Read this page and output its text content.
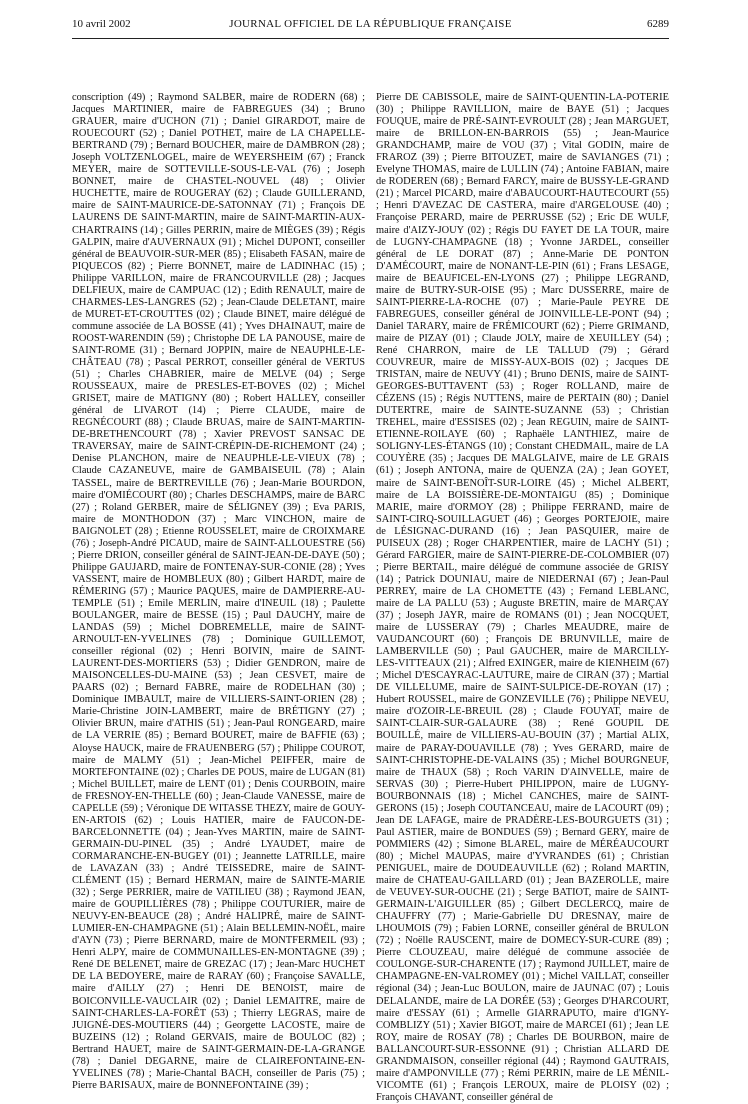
10 avril 2002	JOURNAL OFFICIEL DE LA RÉPUBLIQUE FRANÇAISE	6289

conscription (49) ; Raymond SALBER, maire de RODERN (68) ; Jacques MARTINIER, maire de FABREGUES (34) ; Bruno GRAUER, maire d'UCHON (71) ; Daniel GIRARDOT, maire de ROUECOURT (52) ; Daniel POTHET, maire de LA CHAPELLE-BERTRAND (79) ; Bernard BOUCHER, maire de DAMBRON (28) ; Joseph VOLTZENLOGEL, maire de WEYERSHEIM (67) ; Franck MEYER, maire de SOTTEVILLE-SOUS-LE-VAL (76) ; Joseph BONNET, maire de CHASTEL-NOUVEL (48) ; Olivier HUCHETTE, maire de ROUGERAY (62) ; Claude GUILLERAND, maire de SAINT-MAURICE-DE-SATONNAY (71) ; François DE LAURENS DE SAINT-MARTIN, maire de SAINT-MARTIN-AUX-CHARTRAINS (14) ; Gilles PERRIN, maire de MIÈGES (39) ; Régis GALPIN, maire d'AUVERNAUX (91) ; Michel DUPONT, conseiller général de BEAUVOIR-SUR-MER (85) ; Elisabeth FASAN, maire de PIQUECOS (82) ; Pierre BONNET, maire de LADINHAC (15) ; Philippe VARILLON, maire de FRANCOURVILLE (28) ; Jacques DELFIEUX, maire de CAMPUAC (12) ; Edith RENAULT, maire de CHARMES-LES-LANGRES (52) ; Jean-Claude DELETANT, maire de MURET-ET-CROUTTES (02) ; Claude BINET, maire délégué de commune associée de LA BOSSE (41) ; Yves DHAINAUT, maire de ROOST-WARENDIN (59) ; Christophe DE LA PANOUSE, maire de SAINT-ROME (31) ; Bernard JOPPIN, maire de NEAUPHLE-LE-CHÂTEAU (78) ; Pascal PERROT, conseiller général de VERTUS (51) ; Charles CHABRIER, maire de MELVE (04) ; Serge ROUSSEAUX, maire de PRESLES-ET-BOVES (02) ; Michel GRISET, maire de MATIGNY (80) ; Robert HALLEY, conseiller général de LIVAROT (14) ; Pierre CLAUDE, maire de REGNÉCOURT (88) ; Claude BRUAS, maire de SAINT-MARTIN-DE-BRETHENCOURT (78) ; Xavier PREVOST SANSAC DE TRAVERSAY, maire de SAINT-CRÉPIN-DE-RICHEMONT (24) ; Denise PLANCHON, maire de NEAUPHLE-LE-VIEUX (78) ; Claude CAZANEUVE, maire de GAMBAISEUIL (78) ; Alain TASSEL, maire de BERTREVILLE (76) ; Jean-Marie BOURDON, maire d'OMIÉCOURT (80) ; Charles DESCHAMPS, maire de BARC (27) ; Roland GERBER, maire de SÉLIGNEY (39) ; Eva PARIS, maire de MONTHODON (37) ; Marc VINCHON, maire de BAIGNOLET (28) ; Etienne ROUSSELET, maire de CROIXMARE (76) ; Joseph-André PICAUD, maire de SAINT-ALLOUESTRE (56) ; Pierre DRION, conseiller général de SAINT-JEAN-DE-DAYE (50) ; Philippe GAUJARD, maire de FONTENAY-SUR-CONIE (28) ; Yves VASSENT, maire de HOMBLEUX (80) ; Gilbert HARDT, maire de RÉMERING (57) ; Maurice PAQUES, maire de DAMPIERRE-AU-TEMPLE (51) ; Emile MERLIN, maire d'INEUIL (18) ; Paulette BOULANGER, maire de BESSE (15) ; Paul DAUCHY, maire de LANDAS (59) ; Michel DOBREMELLE, maire de SAINT-ARNOULT-EN-YVELINES (78) ; Dominique GUILLEMOT, conseiller régional (02) ; Henri BOIVIN, maire de SAINT-LAURENT-DES-MORTIERS (53) ; Didier GENDRON, maire de MAISONCELLES-DU-MAINE (53) ; Jean CESVET, maire de PAARS (02) ; Bernard FABRE, maire de RODELHAN (30) ; Dominique IMBAULT, maire de VILLIERS-SAINT-ORIEN (28) ; Marie-Christine JOIN-LAMBERT, maire de BRÉTIGNY (27) ; Olivier BRUN, maire d'ATHIS (51) ; Jean-Paul RONGEARD, maire de LA VERRIE (85) ; Bernard BOURET, maire de BAFFIE (63) ; Aloyse HAUCK, maire de FRAUENBERG (57) ; Philippe COUROT, maire de MALMY (51) ; Jean-Michel PEIFFER, maire de MORTEFONTAINE (02) ; Charles DE POUS, maire de LUGAN (81) ; Michel BUILLET, maire de LENT (01) ; Denis COURBOIN, maire de FRESNOY-EN-THELLE (60) ; Jean-Claude VANESSE, maire de CAPELLE (59) ; Véronique DE WITASSE THEZY, maire de GOUY-EN-ARTOIS (62) ; Louis HATIER, maire de FAUCON-DE-BARCELONNETTE (04) ; Jean-Yves MARTIN, maire de SAINT-GERMAIN-DU-PINEL (35) ; André LYAUDET, maire de CORMARANCHE-EN-BUGEY (01) ; Jeannette LATRILLE, maire de LAVAZAN (33) ; André TEISSEDRE, maire de SAINT-CLÉMENT (15) ; Bernard HERMAN, maire de SAINTE-MARIE (32) ; Serge PERRIER, maire de VATILIEU (38) ; Raymond JEAN, maire de GOUPILLIÈRES (78) ; Philippe COUTURIER, maire de NEUVY-EN-BEAUCE (28) ; André HALIPRÉ, maire de SAINT-LUMIER-EN-CHAMPAGNE (51) ; Alain BELLEMIN-NOËL, maire d'AYN (73) ; Pierre BERNARD, maire de MONTFERMEIL (93) ; Henri ALPY, maire de COMMUNAILLES-EN-MONTAGNE (39) ; René DE BELENET, maire de GREZAC (17) ; Jean-Marc HUCHET DE LA BEDOYERE, maire de RARAY (60) ; Françoise SAVALLE, maire d'AILLY (27) ; Henri DE BENOIST, maire de BOICONVILLE-VAUCLAIR (02) ; Daniel LEMAITRE, maire de SAINT-CHARLES-LA-FORÊT (53) ; Thierry LEGRAS, maire de JUIGNÉ-DES-MOUTIERS (44) ; Georgette LACOSTE, maire de BUZEINS (12) ; Roland GERVAIS, maire de BOULOC (82) ; Bertrand HAUET, maire de SAINT-GERMAIN-DE-LA-GRANGE (78) ; Daniel DEGARNE, maire de CLAIREFONTAINE-EN-YVELINES (78) ; Marie-Chantal BACH, conseiller de Paris (75) ; Pierre BARISAUX, maire de BONNEFONTAINE (39) ;

Pierre DE CABISSOLE, maire de SAINT-QUENTIN-LA-POTERIE (30) ; Philippe RAVILLION, maire de BAYE (51) ; Jacques FOUQUE, maire de PRÉ-SAINT-EVROULT (28) ; Jean MARGUET, maire de BRILLON-EN-BARROIS (55) ; Jean-Maurice GRANDCHAMP, maire de VOU (37) ; Vital GODIN, maire de FRAROZ (39) ; Pierre BITOUZET, maire de SAVIANGES (71) ; Evelyne THOMAS, maire de LULLIN (74) ; Antoine FABIAN, maire de RODEREN (68) ; Bernard FARCY, maire de BUSSY-LE-GRAND (21) ; Marcel PICARD, maire d'ABAUCOURT-HAUTECOURT (55) ; Henri D'AVEZAC DE CASTERA, maire d'ARGELOUSE (40) ; Françoise PERARD, maire de PERRUSSE (52) ; Eric DE WULF, maire d'AIZY-JOUY (02) ; Régis DU FAYET DE LA TOUR, maire de LUGNY-CHAMPAGNE (18) ; Yvonne JARDEL, conseiller général de LE DORAT (87) ; Anne-Marie DE PONTON D'AMÉCOURT, maire de NONANT-LE-PIN (61) ; Frans LESAGE, maire de BEAUFICEL-EN-LYONS (27) ; Philippe LEGRAND, maire de BUTRY-SUR-OISE (95) ; Marc DUSSERRE, maire de SAINT-PIERRE-LA-ROCHE (07) ; Marie-Paule PEYRE DE FABREGUES, conseiller général de JOINVILLE-LE-PONT (94) ; Daniel TARARY, maire de FRÉMICOURT (62) ; Pierre GRIMAND, maire de PIZAY (01) ; Claude JOLY, maire de XEUILLEY (54) ; René CHARRON, maire de LE TALLUD (79) ; Gérard COUVREUR, maire de MISSY-AUX-BOIS (02) ; Jacques DE TRISTAN, maire de NEUVY (41) ; Bruno DENIS, maire de SAINT-GEORGES-BUTTAVENT (53) ; Roger ROLLAND, maire de CÉZENS (15) ; Régis NUTTENS, maire de PERTAIN (80) ; Daniel DUTERTRE, maire de SAINTE-SUZANNE (53) ; Christian TREHEL, maire d'ESSISES (02) ; Jean REGUIN, maire de SAINT-ETIENNE-ROILAYE (60) ; Raphaële LANTHIEZ, maire de SOLIGNY-LES-ÉTANGS (10) ; Constant CHEDMAIL, maire de LA COUYÈRE (35) ; Jacques DE MALGLAIVE, maire de LE GRAIS (61) ; Joseph ANTONA, maire de QUENZA (2A) ; Jean GOYET, maire de SAINT-BENOÎT-SUR-LOIRE (45) ; Michel ALBERT, maire de LA BOISSIÈRE-DE-MONTAIGU (85) ; Dominique MARIE, maire d'ORMOY (28) ; Philippe FERRAND, maire de SAINT-CIRQ-SOUILLAGUET (46) ; Georges PORTEJOIE, maire de LÉSIGNAC-DURAND (16) ; Jean PASQUIER, maire de PUISEUX (28) ; Roger CHARPENTIER, maire de LACHY (51) ; Gérard FARGIER, maire de SAINT-PIERRE-DE-COLOMBIER (07) ; Pierre BERTAIL, maire délégué de commune associée de GRISY (14) ; Patrick DOUNIAU, maire de NIEDERNAI (67) ; Jean-Paul PERREY, maire de LA CHOMETTE (43) ; Fernand LEBLANC, maire de LA PALLU (53) ; Auguste BRETIN, maire de MARÇAY (37) ; Joseph JAYR, maire de ROMANS (01) ; Jean NOCQUET, maire de LUSSERAY (79) ; Charles MEAUDRE, maire de VAUDANCOURT (60) ; François DE BRUNVILLE, maire de LAMBERVILLE (50) ; Paul GAUCHER, maire de MARCILLY-LES-VITTEAUX (21) ; Alfred EXINGER, maire de KIENHEIM (67) ; Michel D'ESCAYRAC-LAUTURE, maire de CIRAN (37) ; Martial DE VILLELUME, maire de SAINT-SULPICE-DE-ROYAN (17) ; Hubert ROUSSEL, maire de GONZEVILLE (76) ; Philippe NEVEU, maire d'OZOIR-LE-BREUIL (28) ; Claude FOUYAT, maire de SAINT-CLAIR-SUR-GALAURE (38) ; René GOUPIL DE BOUILLÉ, maire de VILLIERS-AU-BOUIN (37) ; Martial ALIX, maire de PARAY-DOUAVILLE (78) ; Yves GERARD, maire de SAINT-CHRISTOPHE-DE-VALAINS (35) ; Michel BOURGNEUF, maire de THAUX (58) ; Roch VARIN D'AINVELLE, maire de SERVAS (30) ; Pierre-Hubert PHILIPPON, maire de LUGNY-BOURBONNAIS (18) ; Michel CANCHES, maire de SAINT-GERONS (15) ; Joseph COUTANCEAU, maire de LACOURT (09) ; Jean DE LAFAGE, maire de PRADÈRE-LES-BOURGUETS (31) ; Paul ASTIER, maire de BONDUES (59) ; Bernard GERY, maire de POMMIERS (42) ; Simone BLAREL, maire de MÉRÉAUCOURT (80) ; Michel MAUPAS, maire d'YVRANDES (61) ; Christian PENIGUEL, maire de DOUDEAUVILLE (62) ; Roland MARTIN, maire de CHATEAU-GAILLARD (01) ; Jean BAZEROLLE, maire de VEUVEY-SUR-OUCHE (21) ; Serge BATIOT, maire de SAINT-GERMAIN-L'AIGUILLER (85) ; Gilbert DECLERCQ, maire de CHAUFFRY (77) ; Marie-Gabrielle DU DRESNAY, maire de LHOUMOIS (79) ; Fabien LORNE, conseiller général de BRULON (72) ; Noëlle RAUSCENT, maire de DOMECY-SUR-CURE (89) ; Pierre CLOUZEAU, maire délégué de commune associée de COULONGE-SUR-CHARENTE (17) ; Raymond JUILLET, maire de CHAMPAGNE-EN-VALROMEY (01) ; Michel VAILLAT, conseiller régional (34) ; Jean-Luc BOULON, maire de JAUNAC (07) ; Louis DELALANDE, maire de LA DORÉE (53) ; Georges D'HARCOURT, maire d'ESSAY (61) ; Armelle GIARRAPUTO, maire d'IGNY-COMBLIZY (51) ; Xavier BIGOT, maire de MARCEI (61) ; Jean LE ROY, maire de ROSAY (78) ; Charles DE BOURBON, maire de BALLANCOURT-SUR-ESSONNE (91) ; Christian ALLARD DE GRANDMAISON, conseiller régional (44) ; Raymond GAUTRAIS, maire d'AMPONVILLE (77) ; Rémi PERRIN, maire de LE MÉNIL-VICOMTE (61) ; François LEROUX, maire de PLOISY (02) ; François CHAVANT, conseiller général de
